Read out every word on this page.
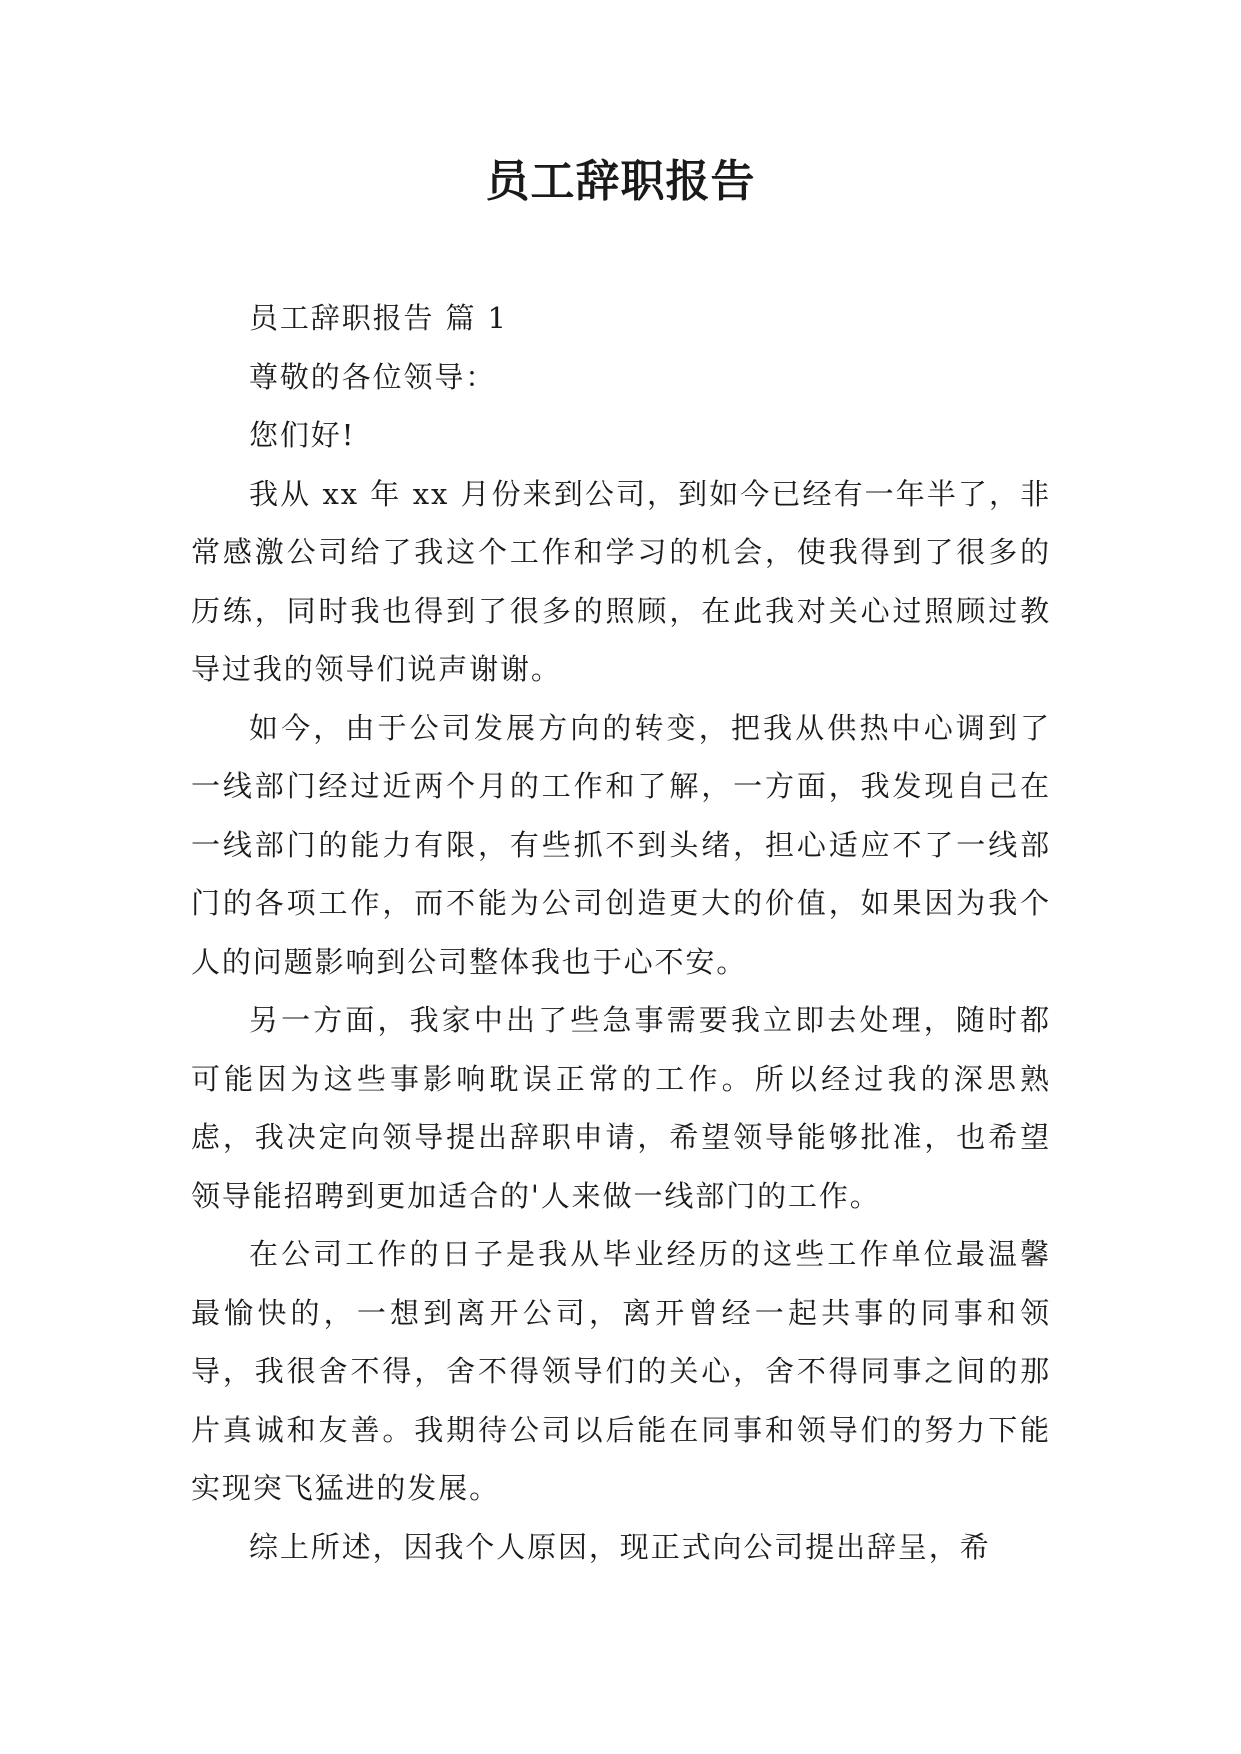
员工辞职报告

员工辞职报告 篇 1

尊敬的各位领导：

您们好!

我从 xx 年 xx 月份来到公司，到如今已经有一年半了，非常感激公司给了我这个工作和学习的机会，使我得到了很多的历练，同时我也得到了很多的照顾，在此我对关心过照顾过教导过我的领导们说声谢谢。

如今，由于公司发展方向的转变，把我从供热中心调到了一线部门经过近两个月的工作和了解，一方面，我发现自己在一线部门的能力有限，有些抓不到头绪，担心适应不了一线部门的各项工作，而不能为公司创造更大的价值，如果因为我个人的问题影响到公司整体我也于心不安。

另一方面，我家中出了些急事需要我立即去处理，随时都可能因为这些事影响耽误正常的工作。所以经过我的深思熟虑，我决定向领导提出辞职申请，希望领导能够批准，也希望领导能招聘到更加适合的'人来做一线部门的工作。

在公司工作的日子是我从毕业经历的这些工作单位最温馨最愉快的，一想到离开公司，离开曾经一起共事的同事和领导，我很舍不得，舍不得领导们的关心，舍不得同事之间的那片真诚和友善。我期待公司以后能在同事和领导们的努力下能实现突飞猛进的发展。

综上所述，因我个人原因，现正式向公司提出辞呈，希
